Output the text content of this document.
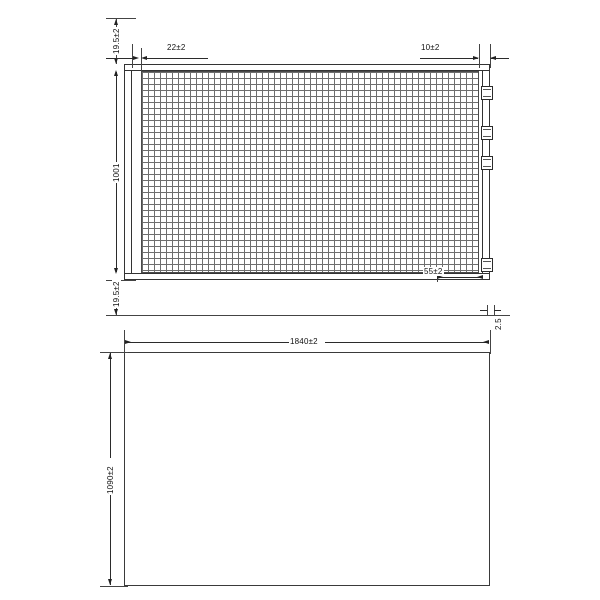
19.5±2	22±2	10±2
1001
19.5±2
55±2
2.5
1840±2
1090±2
